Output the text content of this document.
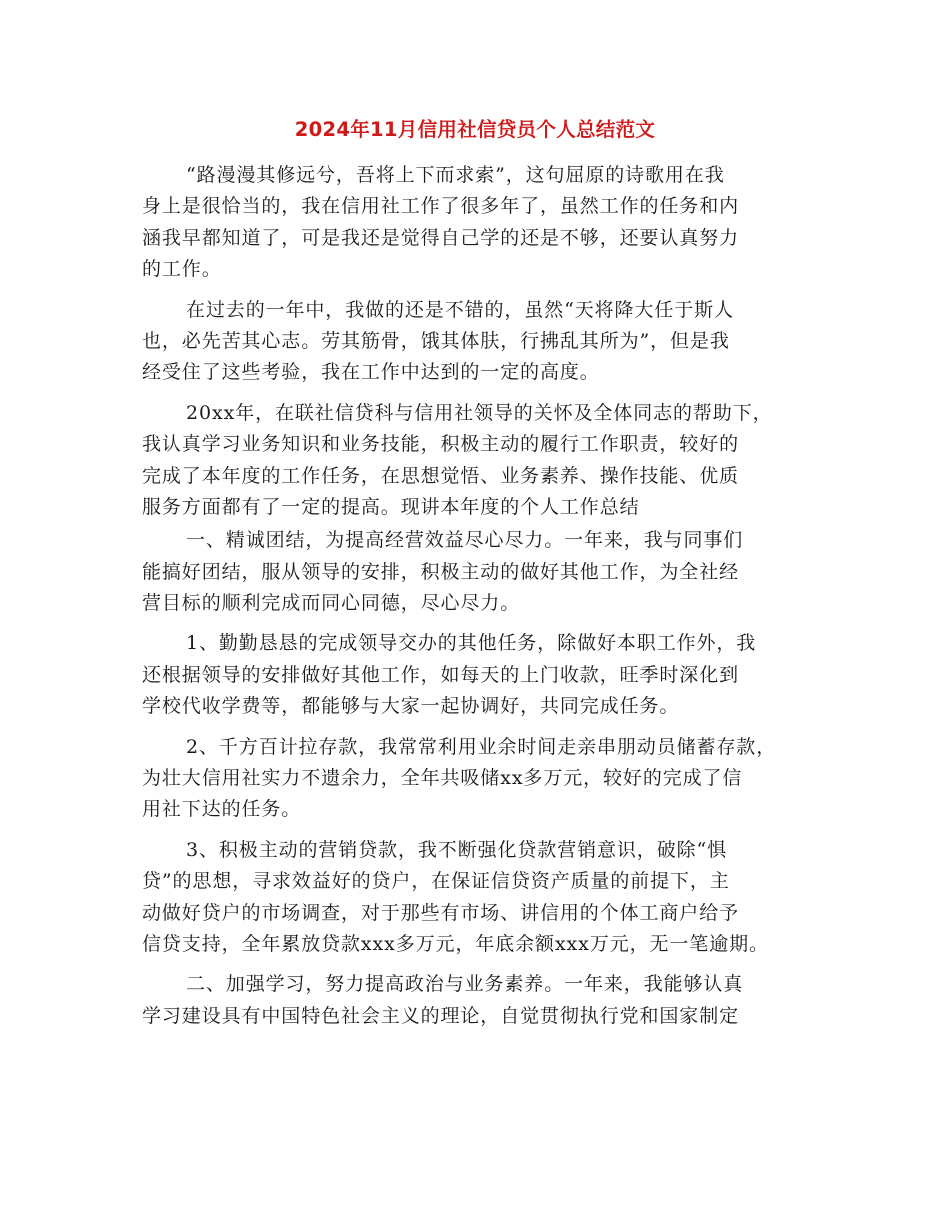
2024年11月信用社信贷员个人总结范文
“路漫漫其修远兮，吾将上下而求索”，这句屈原的诗歌用在我
身上是很恰当的，我在信用社工作了很多年了，虽然工作的任务和内
涵我早都知道了，可是我还是觉得自己学的还是不够，还要认真努力
的工作。
在过去的一年中，我做的还是不错的，虽然“天将降大任于斯人
也，必先苦其心志。劳其筋骨，饿其体肤，行拂乱其所为”，但是我
经受住了这些考验，我在工作中达到的一定的高度。
20xx年，在联社信贷科与信用社领导的关怀及全体同志的帮助下，
我认真学习业务知识和业务技能，积极主动的履行工作职责，较好的
完成了本年度的工作任务，在思想觉悟、业务素养、操作技能、优质
服务方面都有了一定的提高。现讲本年度的个人工作总结
一、精诚团结，为提高经营效益尽心尽力。一年来，我与同事们
能搞好团结，服从领导的安排，积极主动的做好其他工作，为全社经
营目标的顺利完成而同心同德，尽心尽力。
1、勤勤恳恳的完成领导交办的其他任务，除做好本职工作外，我
还根据领导的安排做好其他工作，如每天的上门收款，旺季时深化到
学校代收学费等，都能够与大家一起协调好，共同完成任务。
2、千方百计拉存款，我常常利用业余时间走亲串朋动员储蓄存款，
为壮大信用社实力不遗余力，全年共吸储xx多万元，较好的完成了信
用社下达的任务。
3、积极主动的营销贷款，我不断强化贷款营销意识，破除“惧
贷”的思想，寻求效益好的贷户，在保证信贷资产质量的前提下，主
动做好贷户的市场调查，对于那些有市场、讲信用的个体工商户给予
信贷支持，全年累放贷款xxx多万元，年底余额xxx万元，无一笔逾期。
二、加强学习，努力提高政治与业务素养。一年来，我能够认真
学习建设具有中国特色社会主义的理论，自觉贯彻执行党和国家制定
